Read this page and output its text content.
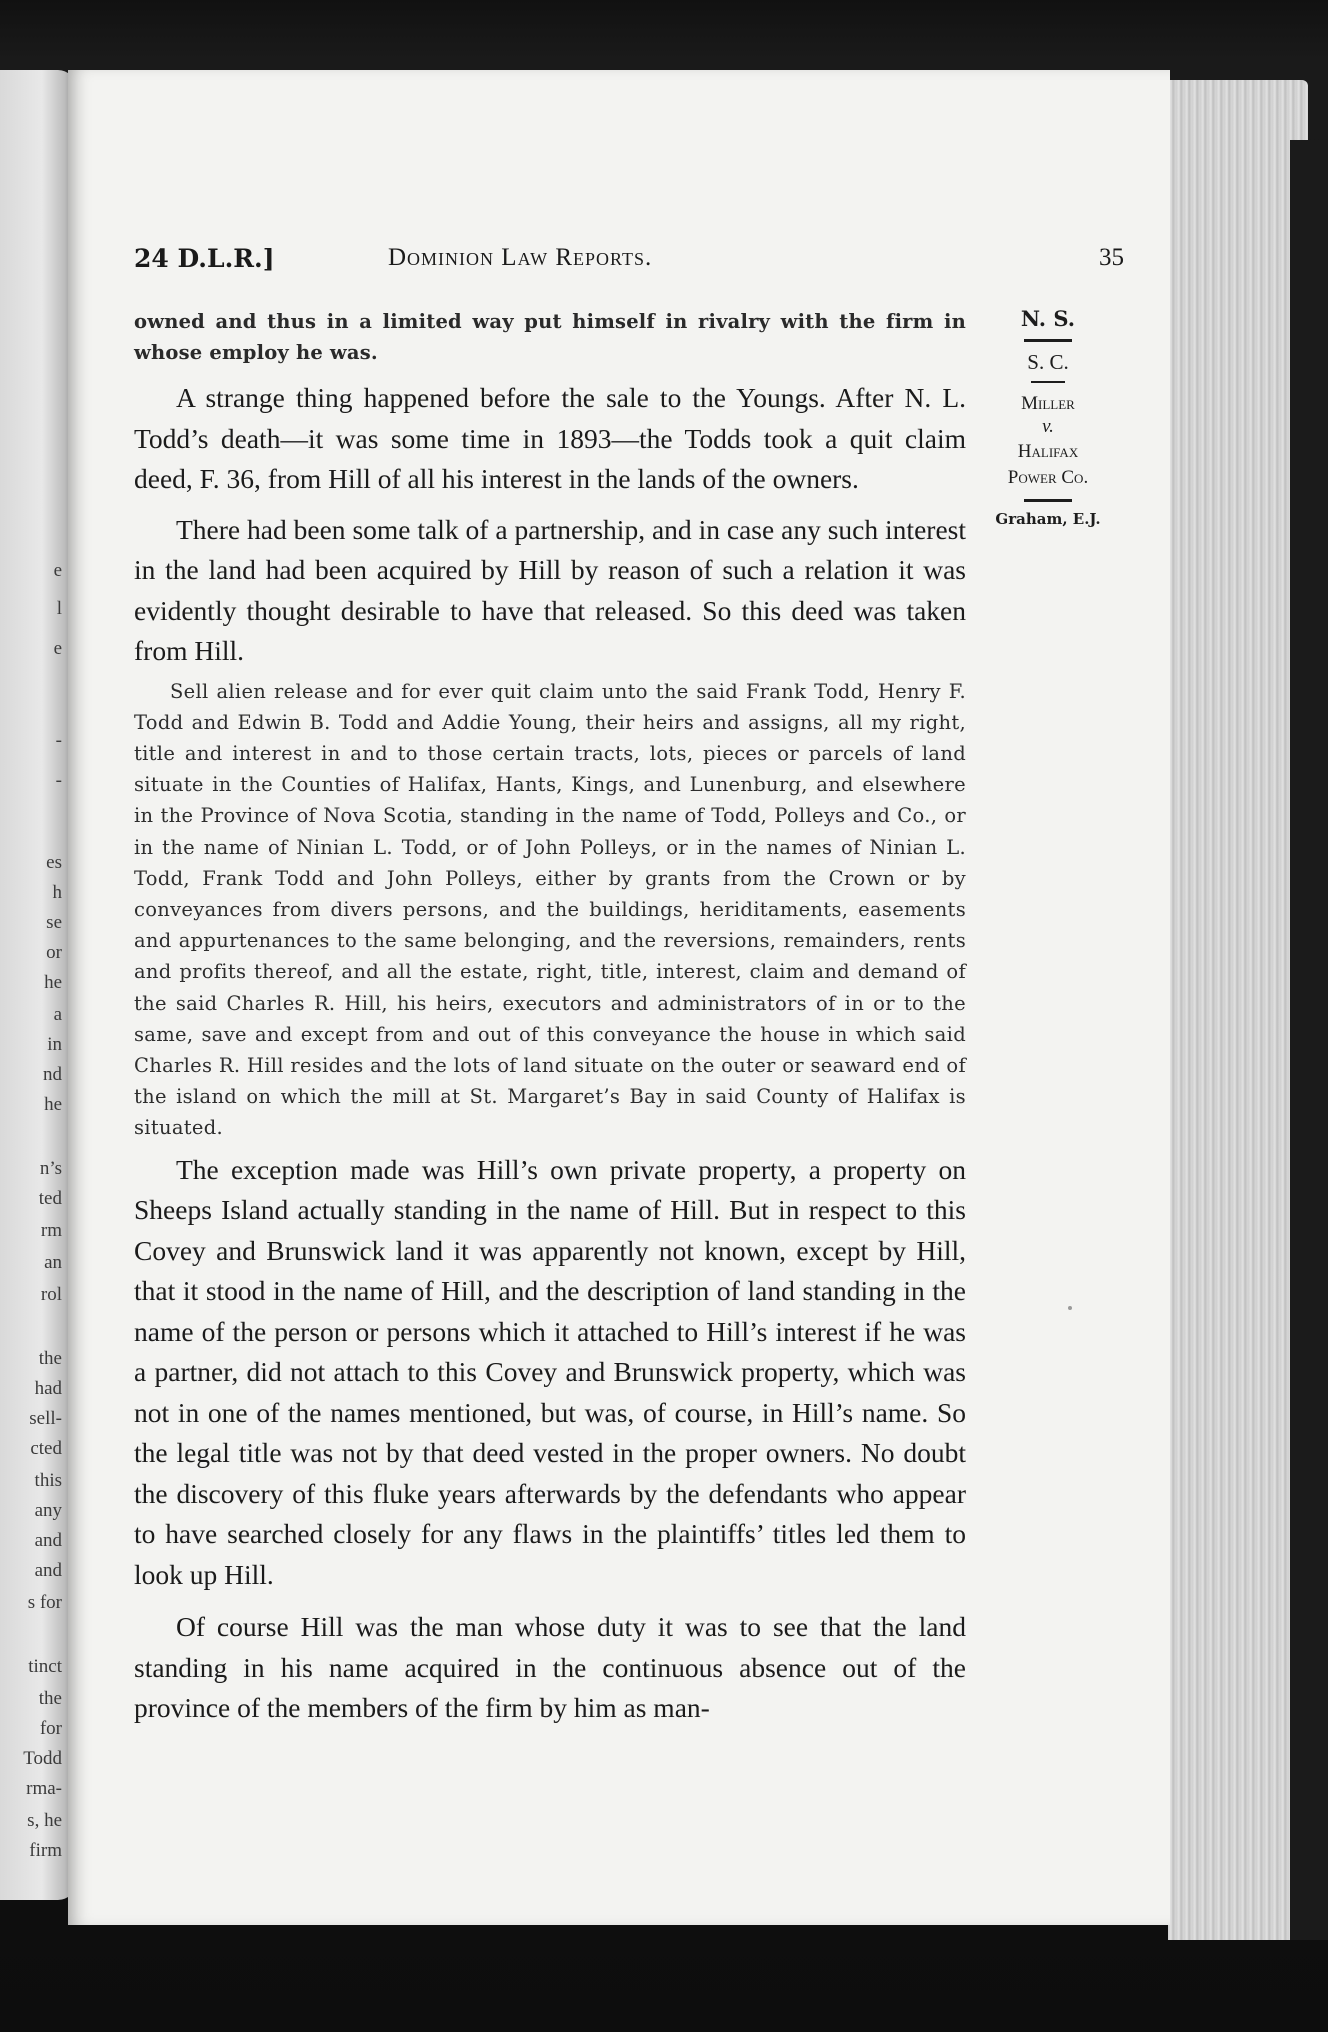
e
l
e
-
-
es
h
se
or
he
a
in
nd
he
n’s
ted
rm
an
rol
the
had
sell-
cted
this
any
and
and
s for
tinct
the
for
Todd
rma-
s, he
firm
24 D.L.R.]	Dominion Law Reports.	35

owned and thus in a limited way put himself in rivalry with the firm in whose employ he was.

A strange thing happened before the sale to the Youngs. After N. L. Todd’s death—it was some time in 1893—the Todds took a quit claim deed, F. 36, from Hill of all his interest in the lands of the owners.

There had been some talk of a partnership, and in case any such interest in the land had been acquired by Hill by reason of such a relation it was evidently thought desirable to have that released. So this deed was taken from Hill.

Sell alien release and for ever quit claim unto the said Frank Todd, Henry F. Todd and Edwin B. Todd and Addie Young, their heirs and assigns, all my right, title and interest in and to those certain tracts, lots, pieces or parcels of land situate in the Counties of Halifax, Hants, Kings, and Lunenburg, and elsewhere in the Province of Nova Scotia, standing in the name of Todd, Polleys and Co., or in the name of Ninian L. Todd, or of John Polleys, or in the names of Ninian L. Todd, Frank Todd and John Polleys, either by grants from the Crown or by conveyances from divers persons, and the buildings, heriditaments, easements and appurtenances to the same belonging, and the reversions, remainders, rents and profits thereof, and all the estate, right, title, interest, claim and demand of the said Charles R. Hill, his heirs, executors and administrators of in or to the same, save and except from and out of this conveyance the house in which said Charles R. Hill resides and the lots of land situate on the outer or seaward end of the island on which the mill at St. Margaret’s Bay in said County of Halifax is situated.

The exception made was Hill’s own private property, a property on Sheeps Island actually standing in the name of Hill. But in respect to this Covey and Brunswick land it was apparently not known, except by Hill, that it stood in the name of Hill, and the description of land standing in the name of the person or persons which it attached to Hill’s interest if he was a partner, did not attach to this Covey and Brunswick property, which was not in one of the names mentioned, but was, of course, in Hill’s name. So the legal title was not by that deed vested in the proper owners. No doubt the discovery of this fluke years afterwards by the defendants who appear to have searched closely for any flaws in the plaintiffs’ titles led them to look up Hill.

Of course Hill was the man whose duty it was to see that the land standing in his name acquired in the continuous absence out of the province of the members of the firm by him as man-

N. S.
S. C.
Miller
v.
Halifax
Power Co.
Graham, E.J.
